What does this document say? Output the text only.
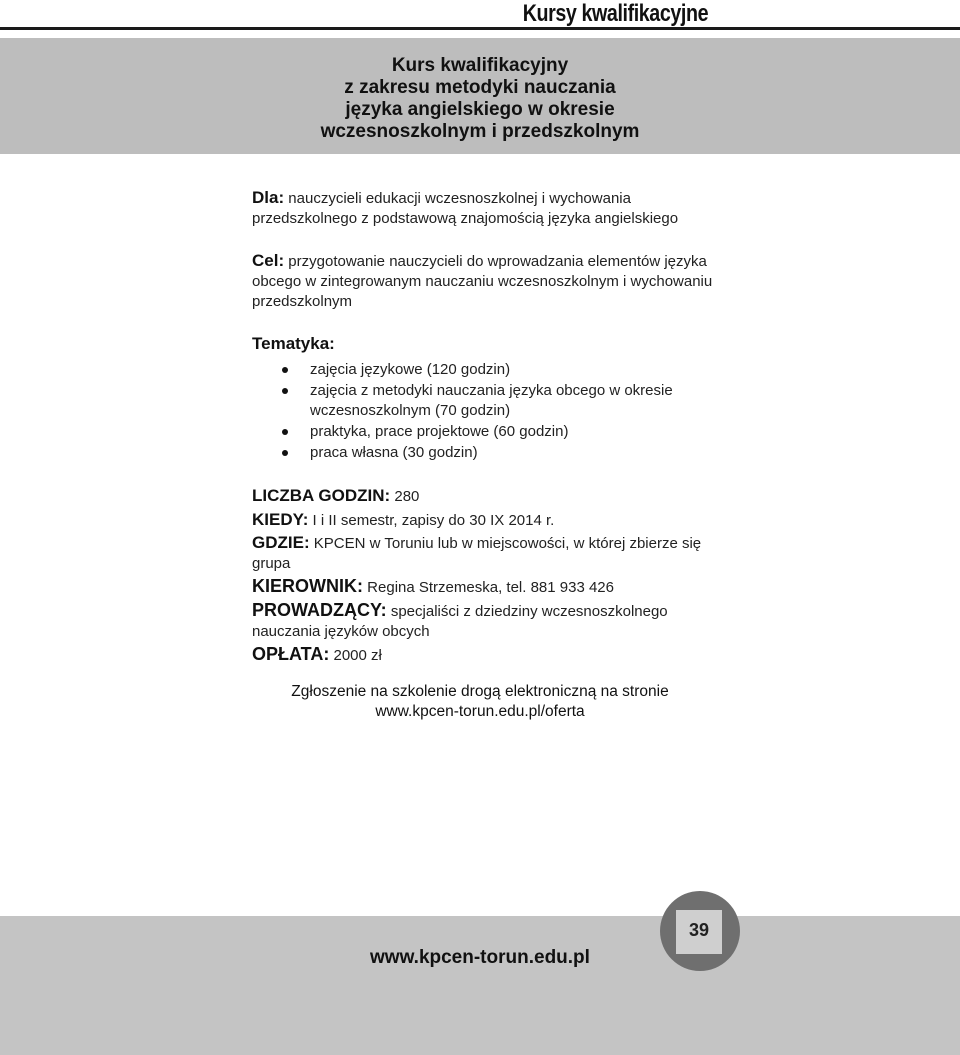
Kursy kwalifikacyjne
Kurs kwalifikacyjny
z zakresu metodyki nauczania
języka angielskiego w okresie
wczesnoszkolnym i przedszkolnym

Dla: nauczycieli edukacji wczesnoszkolnej i wychowania przedszkolnego z podstawową znajomością języka angielskiego

Cel: przygotowanie nauczycieli do wprowadzania elementów języka obcego w zintegrowanym nauczaniu wczesnoszkolnym i wychowaniu przedszkolnym

Tematyka:
zajęcia językowe (120 godzin)
zajęcia z metodyki nauczania języka obcego w okresie wczesnoszkolnym (70 godzin)
praktyka, prace projektowe (60 godzin)
praca własna (30 godzin)
LICZBA GODZIN: 280
KIEDY: I i II semestr, zapisy do 30 IX 2014 r.
GDZIE: KPCEN w Toruniu lub w miejscowości, w której zbierze się grupa
KIEROWNIK: Regina Strzemeska, tel. 881 933 426
PROWADZĄCY: specjaliści z dziedziny wczesnoszkolnego nauczania języków obcych
OPŁATA: 2000 zł
Zgłoszenie na szkolenie drogą elektroniczną na stronie
www.kpcen-torun.edu.pl/oferta
www.kpcen-torun.edu.pl
39
